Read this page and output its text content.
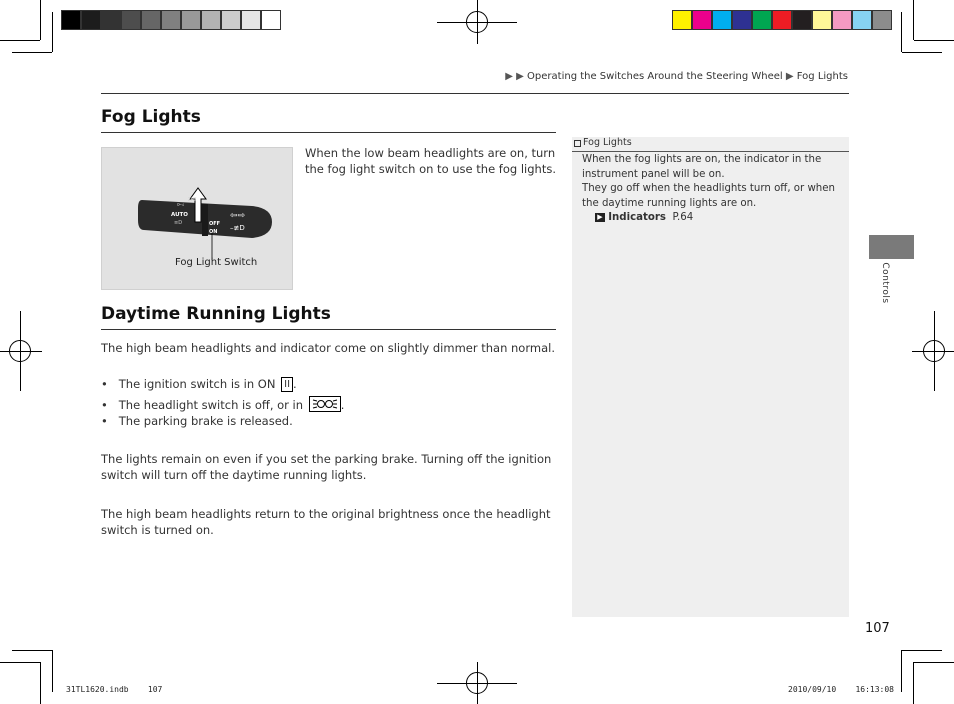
▶ ▶ Operating the Switches Around the Steering Wheel ▶ Fog Lights
Fog Lights
ZHT
⊳◃
AUTO
≡D	OFF
ON
⇦⇨
–≢D
Fog Light Switch
When the low beam headlights are on, turn
the fog light switch on to use the fog lights.
Daytime Running Lights
The high beam headlights and indicator come on slightly dimmer than normal.
•   The ignition switch is in ON II .
•   The headlight switch is off, or in	.
•   The parking brake is released.
The lights remain on even if you set the parking brake. Turning off the ignition
switch will turn off the daytime running lights.
The high beam headlights return to the original brightness once the headlight
switch is turned on.
Fog Lights
When the fog lights are on, the indicator in the
instrument panel will be on.
They go off when the headlights turn off, or when
the daytime running lights are on.
▶ Indicators P.64
Controls
107
31TL1620.indb 107	2010/09/10 16:13:08
